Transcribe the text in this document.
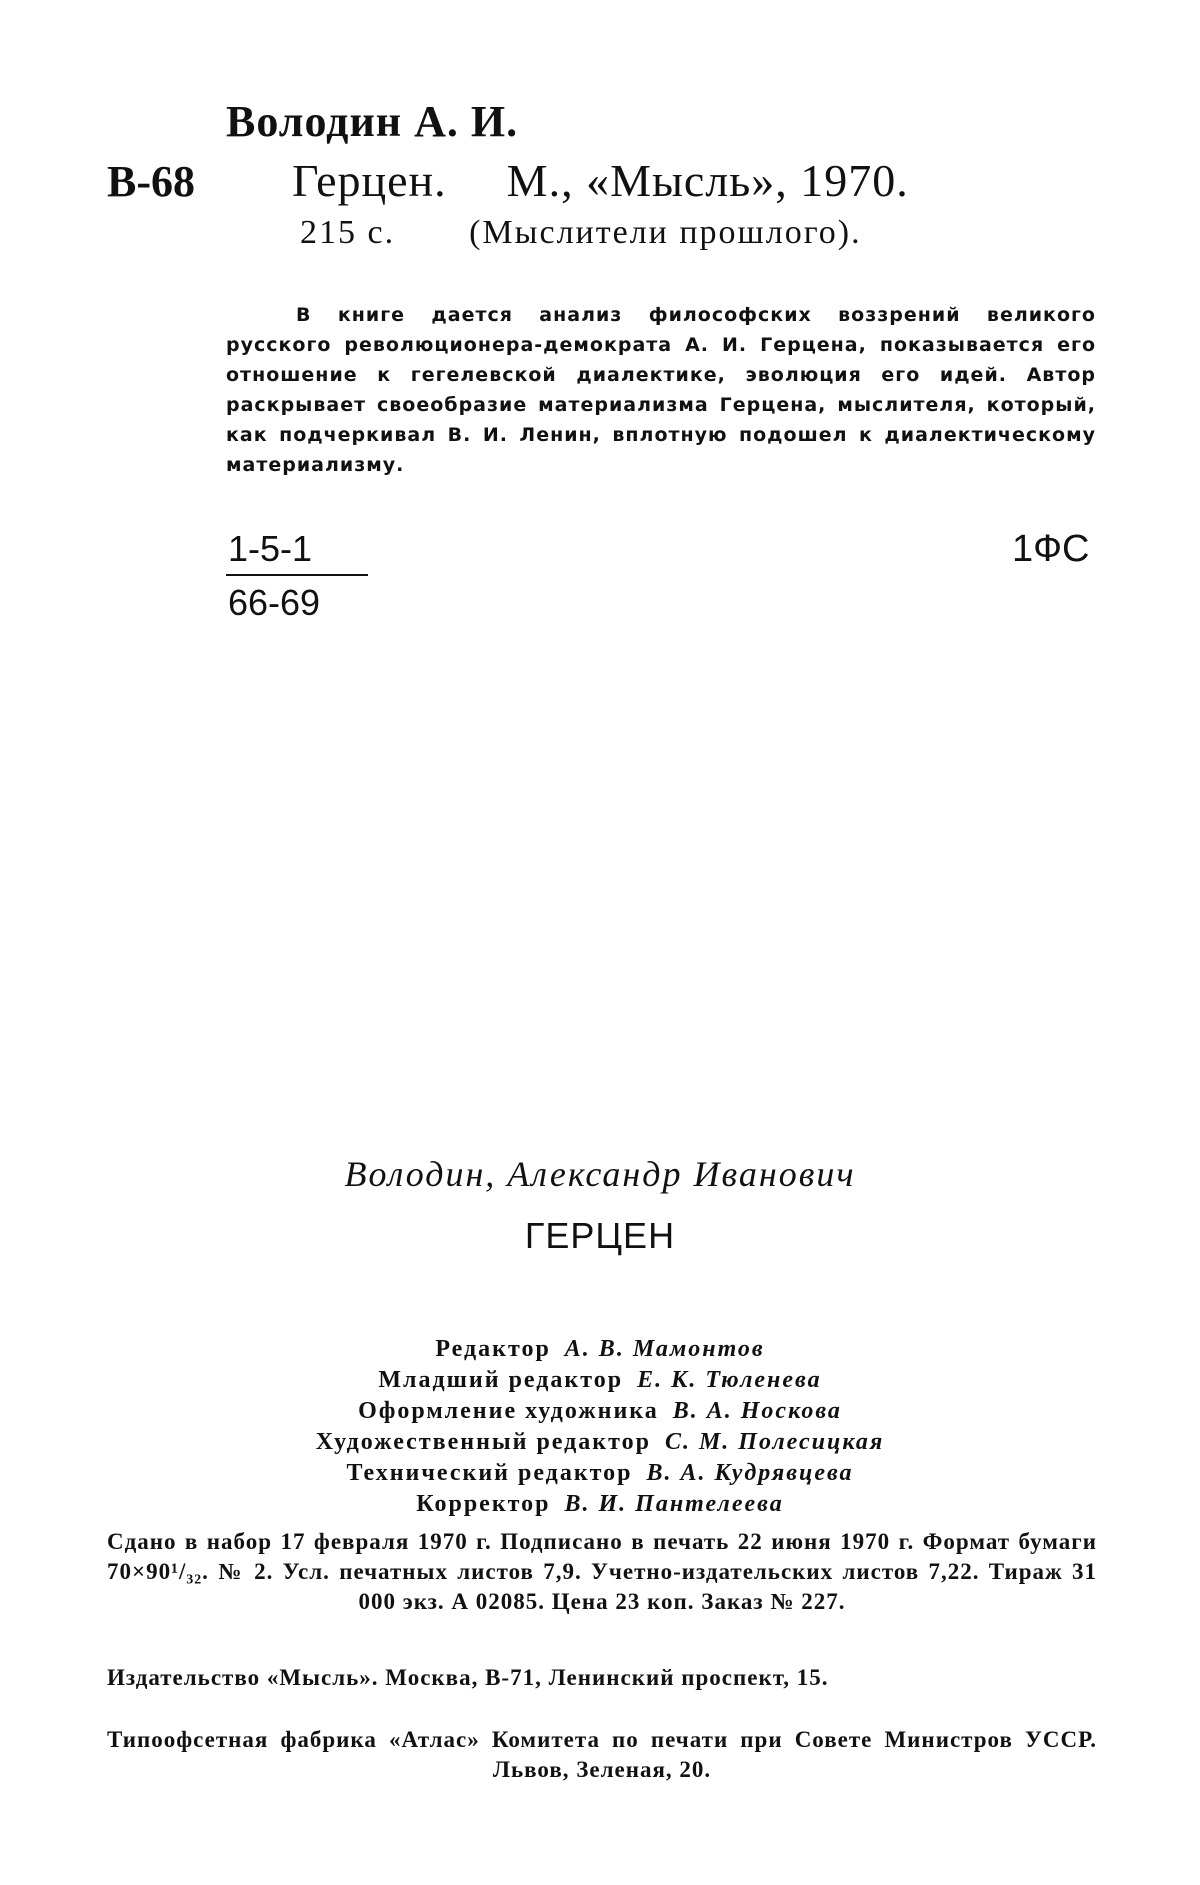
Володин А. И.
В-68 Герцен. М., «Мысль», 1970.
215 с. (Мыслители прошлого).
В книге дается анализ философских воззрений великого русского революционера-демократа А. И. Герцена, показывается его отношение к гегелевской диалектике, эволюция его идей. Автор раскрывает своеобразие материализма Герцена, мыслителя, который, как подчеркивал В. И. Ленин, вплотную подошел к диалектическому материализму.
1-5-1
66-69
1ФС
Володин, Александр Иванович
ГЕРЦЕН
Редактор А. В. Мамонтов
Младший редактор Е. К. Тюленева
Оформление художника В. А. Носкова
Художественный редактор С. М. Полесицкая
Технический редактор В. А. Кудрявцева
Корректор В. И. Пантелеева
Сдано в набор 17 февраля 1970 г. Подписано в печать 22 июня 1970 г. Формат бумаги 70×90¹/₃₂. № 2. Усл. печатных листов 7,9. Учетно-издательских листов 7,22. Тираж 31 000 экз. А 02085. Цена 23 коп. Заказ № 227.
Издательство «Мысль». Москва, В-71, Ленинский проспект, 15.
Типоофсетная фабрика «Атлас» Комитета по печати при Совете Министров УССР. Львов, Зеленая, 20.
